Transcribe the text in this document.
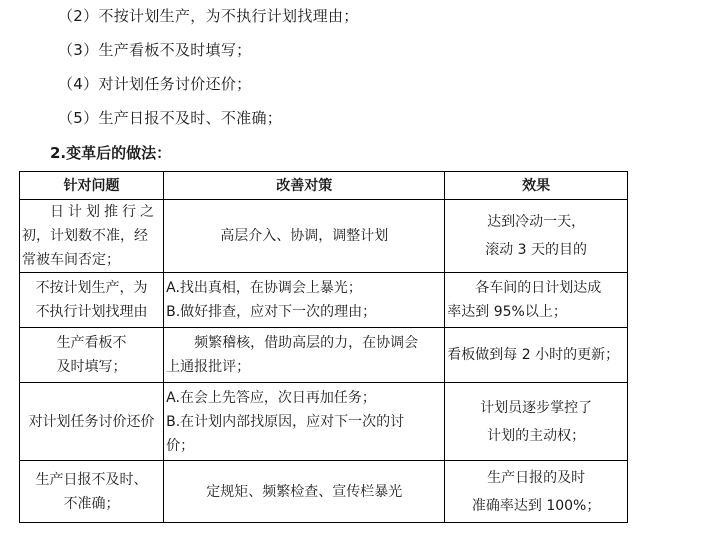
（2）不按计划生产，为不执行计划找理由；
（3）生产看板不及时填写；
（4）对计划任务讨价还价；
（5）生产日报不及时、不准确；
2.变革后的做法：
针对问题	改善对策	效果

日计划推行之
初，计划数不准，经
常被车间否定；	高层介入、协调，调整计划	达到冷动一天，
滚动 3 天的目的

不按计划生产，为
不执行计划找理由	A.找出真相，在协调会上暴光；
B.做好排查，应对下一次的理由；	各车间的日计划达成
率达到 95%以上；

生产看板不
及时填写；	频繁稽核，借助高层的力，在协调会
上通报批评；	看板做到每 2 小时的更新；

对计划任务讨价还价	A.在会上先答应，次日再加任务；
B.在计划内部找原因，应对下一次的讨
价；	计划员逐步掌控了
计划的主动权；

生产日报不及时、
不准确；	定规矩、频繁检查、宣传栏暴光	生产日报的及时
准确率达到 100%；
